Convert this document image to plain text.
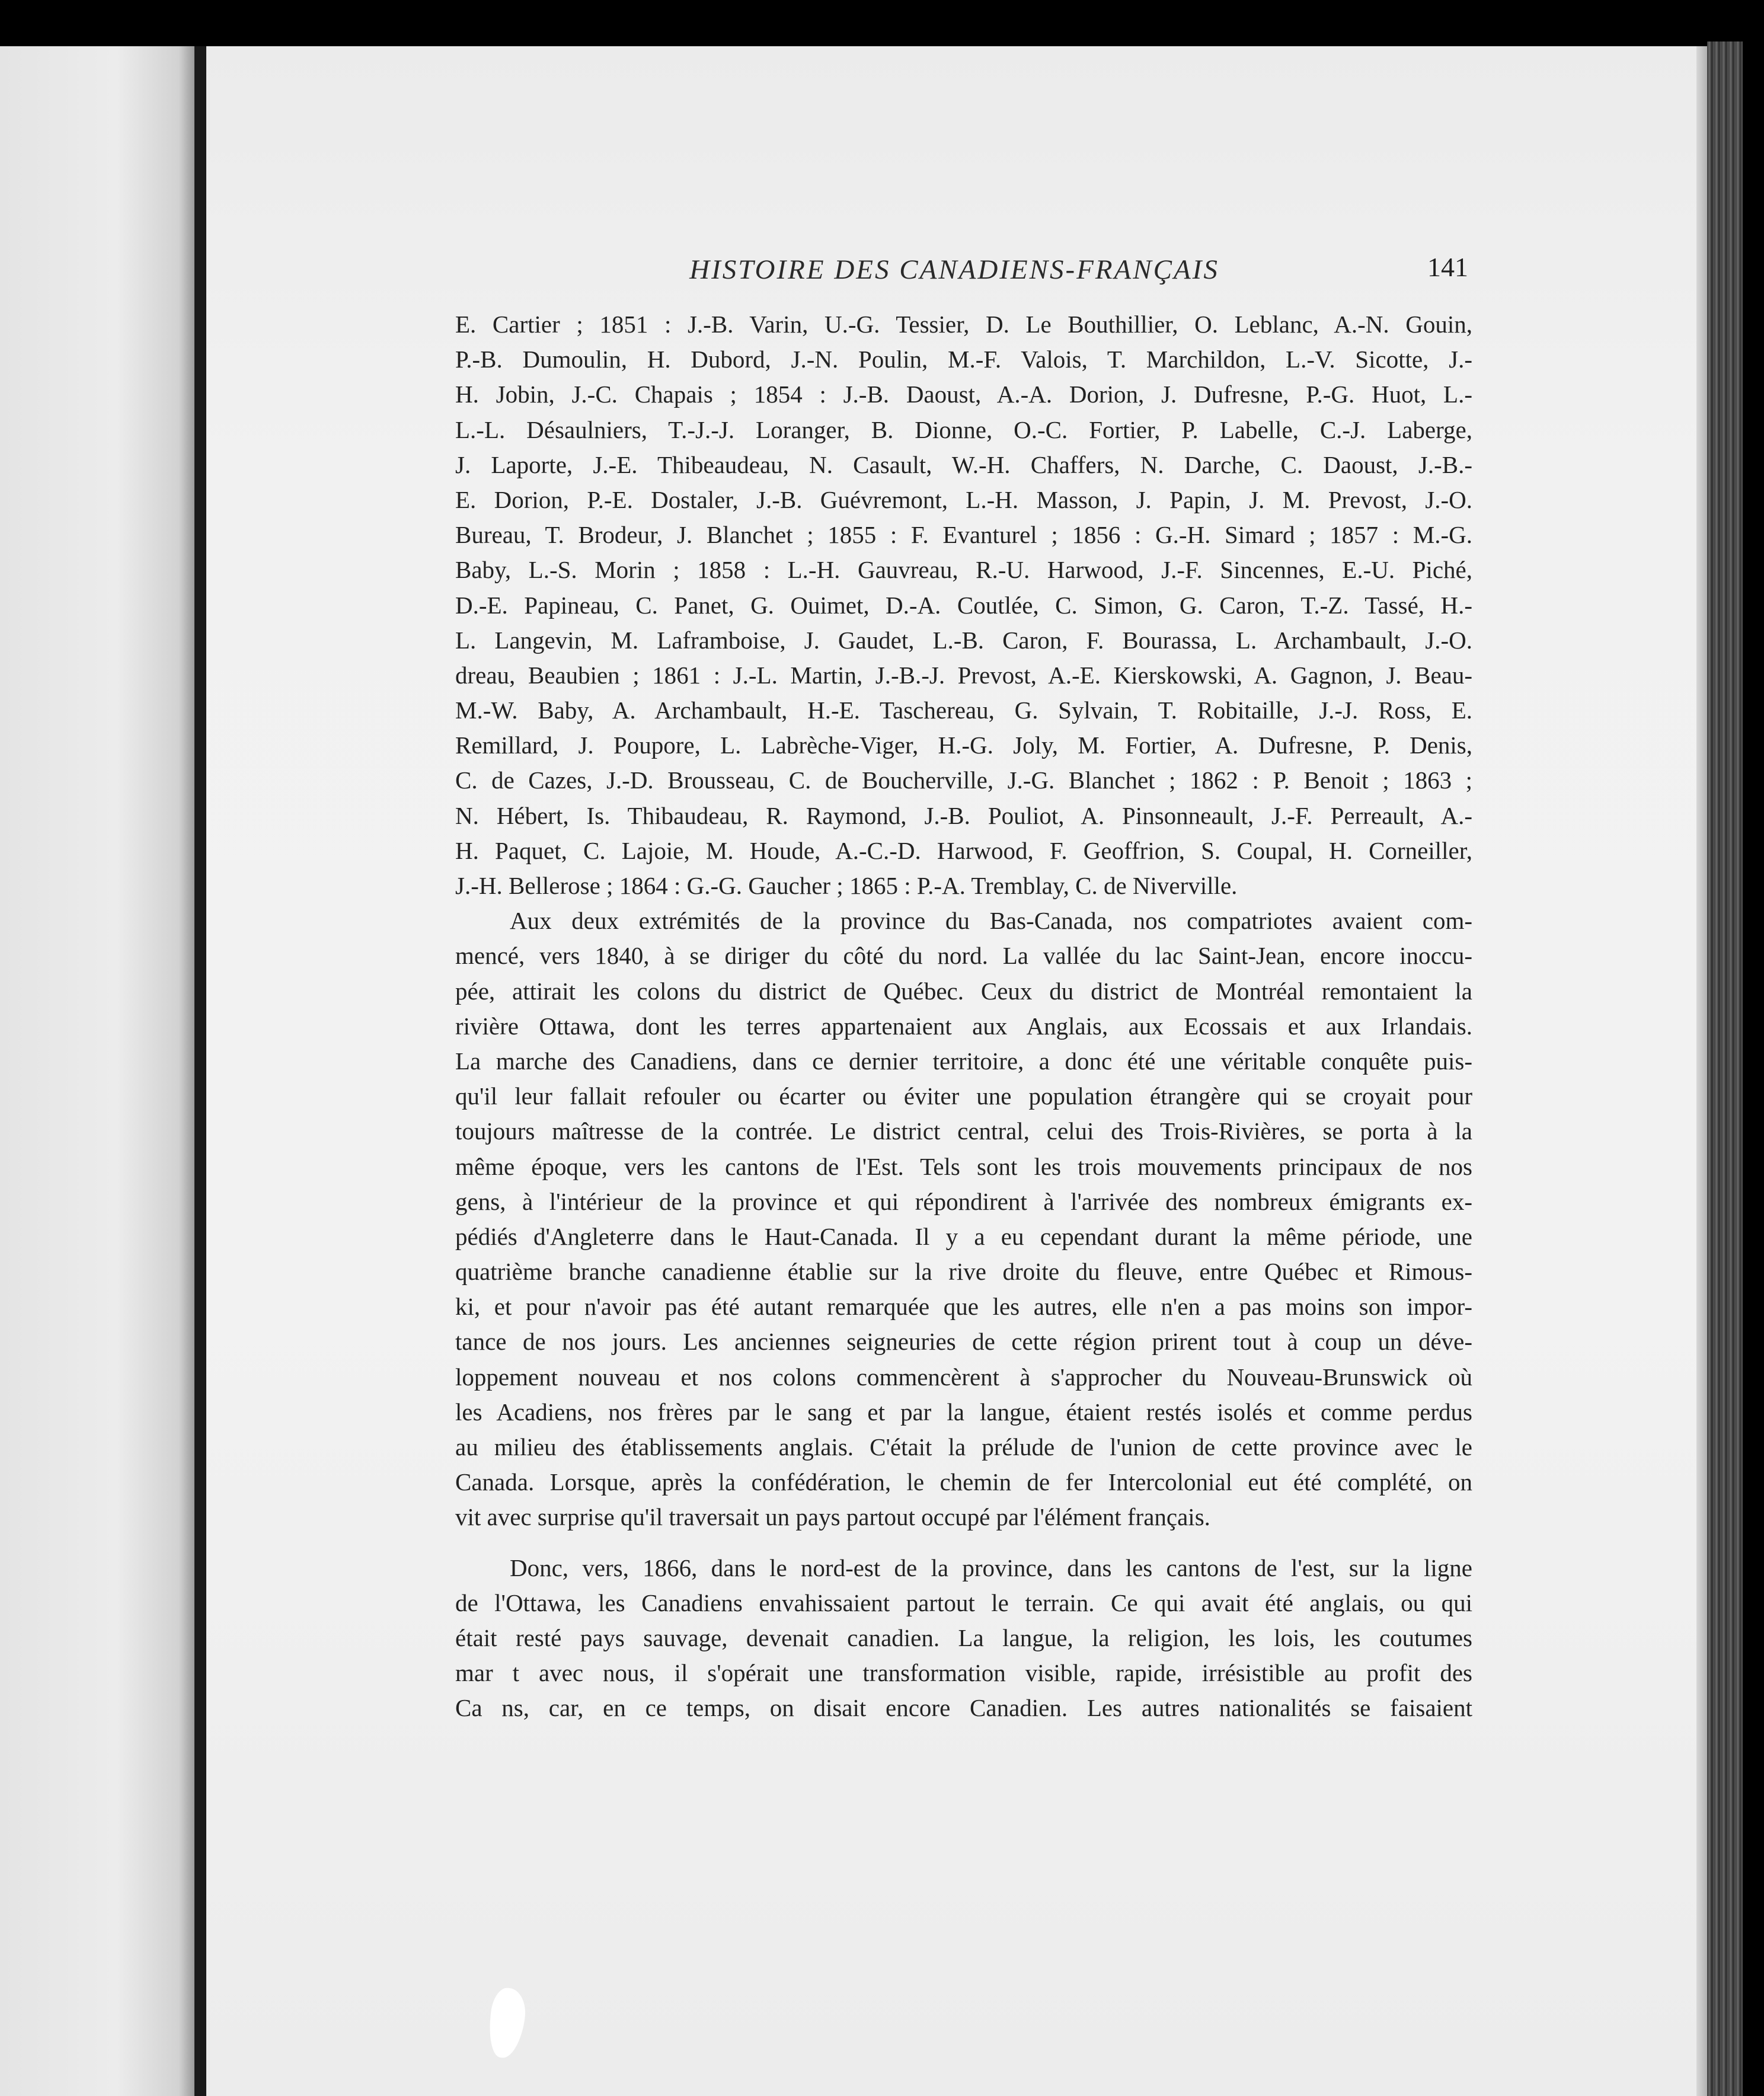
HISTOIRE DES CANADIENS-FRANÇAIS	141
E. Cartier ; 1851 : J.-B. Varin, U.-G. Tessier, D. Le Bouthillier, O. Leblanc, A.-N. Gouin,
P.-B. Dumoulin, H. Dubord, J.-N. Poulin, M.-F. Valois, T. Marchildon, L.-V. Sicotte, J.-
H. Jobin, J.-C. Chapais ; 1854 : J.-B. Daoust, A.-A. Dorion, J. Dufresne, P.-G. Huot, L.-
L.-L. Désaulniers, T.-J.-J. Loranger, B. Dionne, O.-C. Fortier, P. Labelle, C.-J. Laberge,
J. Laporte, J.-E. Thibeaudeau, N. Casault, W.-H. Chaffers, N. Darche, C. Daoust, J.-B.-
E. Dorion, P.-E. Dostaler, J.-B. Guévremont, L.-H. Masson, J. Papin, J. M. Prevost, J.-O.
Bureau, T. Brodeur, J. Blanchet ; 1855 : F. Evanturel ; 1856 : G.-H. Simard ; 1857 : M.-G.
Baby, L.-S. Morin ; 1858 : L.-H. Gauvreau, R.-U. Harwood, J.-F. Sincennes, E.-U. Piché,
D.-E. Papineau, C. Panet, G. Ouimet, D.-A. Coutlée, C. Simon, G. Caron, T.-Z. Tassé, H.-
L. Langevin, M. Laframboise, J. Gaudet, L.-B. Caron, F. Bourassa, L. Archambault, J.-O.
dreau, Beaubien ; 1861 : J.-L. Martin, J.-B.-J. Prevost, A.-E. Kierskowski, A. Gagnon, J. Beau-
M.-W. Baby, A. Archambault, H.-E. Taschereau, G. Sylvain, T. Robitaille, J.-J. Ross, E.
Remillard, J. Poupore, L. Labrèche-Viger, H.-G. Joly, M. Fortier, A. Dufresne, P. Denis,
C. de Cazes, J.-D. Brousseau, C. de Boucherville, J.-G. Blanchet ; 1862 : P. Benoit ; 1863 ;
N. Hébert, Is. Thibaudeau, R. Raymond, J.-B. Pouliot, A. Pinsonneault, J.-F. Perreault, A.-
H. Paquet, C. Lajoie, M. Houde, A.-C.-D. Harwood, F. Geoffrion, S. Coupal, H. Corneiller,
J.-H. Bellerose ; 1864 : G.-G. Gaucher ; 1865 : P.-A. Tremblay, C. de Niverville.
Aux deux extrémités de la province du Bas-Canada, nos compatriotes avaient com-
mencé, vers 1840, à se diriger du côté du nord. La vallée du lac Saint-Jean, encore inoccu-
pée, attirait les colons du district de Québec. Ceux du district de Montréal remontaient la
rivière Ottawa, dont les terres appartenaient aux Anglais, aux Ecossais et aux Irlandais.
La marche des Canadiens, dans ce dernier territoire, a donc été une véritable conquête puis-
qu'il leur fallait refouler ou écarter ou éviter une population étrangère qui se croyait pour
toujours maîtresse de la contrée. Le district central, celui des Trois-Rivières, se porta à la
même époque, vers les cantons de l'Est. Tels sont les trois mouvements principaux de nos
gens, à l'intérieur de la province et qui répondirent à l'arrivée des nombreux émigrants ex-
pédiés d'Angleterre dans le Haut-Canada. Il y a eu cependant durant la même période, une
quatrième branche canadienne établie sur la rive droite du fleuve, entre Québec et Rimous-
ki, et pour n'avoir pas été autant remarquée que les autres, elle n'en a pas moins son impor-
tance de nos jours. Les anciennes seigneuries de cette région prirent tout à coup un déve-
loppement nouveau et nos colons commencèrent à s'approcher du Nouveau-Brunswick où
les Acadiens, nos frères par le sang et par la langue, étaient restés isolés et comme perdus
au milieu des établissements anglais. C'était la prélude de l'union de cette province avec le
Canada. Lorsque, après la confédération, le chemin de fer Intercolonial eut été complété, on
vit avec surprise qu'il traversait un pays partout occupé par l'élément français.
Donc, vers, 1866, dans le nord-est de la province, dans les cantons de l'est, sur la ligne
de l'Ottawa, les Canadiens envahissaient partout le terrain. Ce qui avait été anglais, ou qui
était resté pays sauvage, devenait canadien. La langue, la religion, les lois, les coutumes
mar t avec nous, il s'opérait une transformation visible, rapide, irrésistible au profit des
Ca ns, car, en ce temps, on disait encore Canadien. Les autres nationalités se faisaient
